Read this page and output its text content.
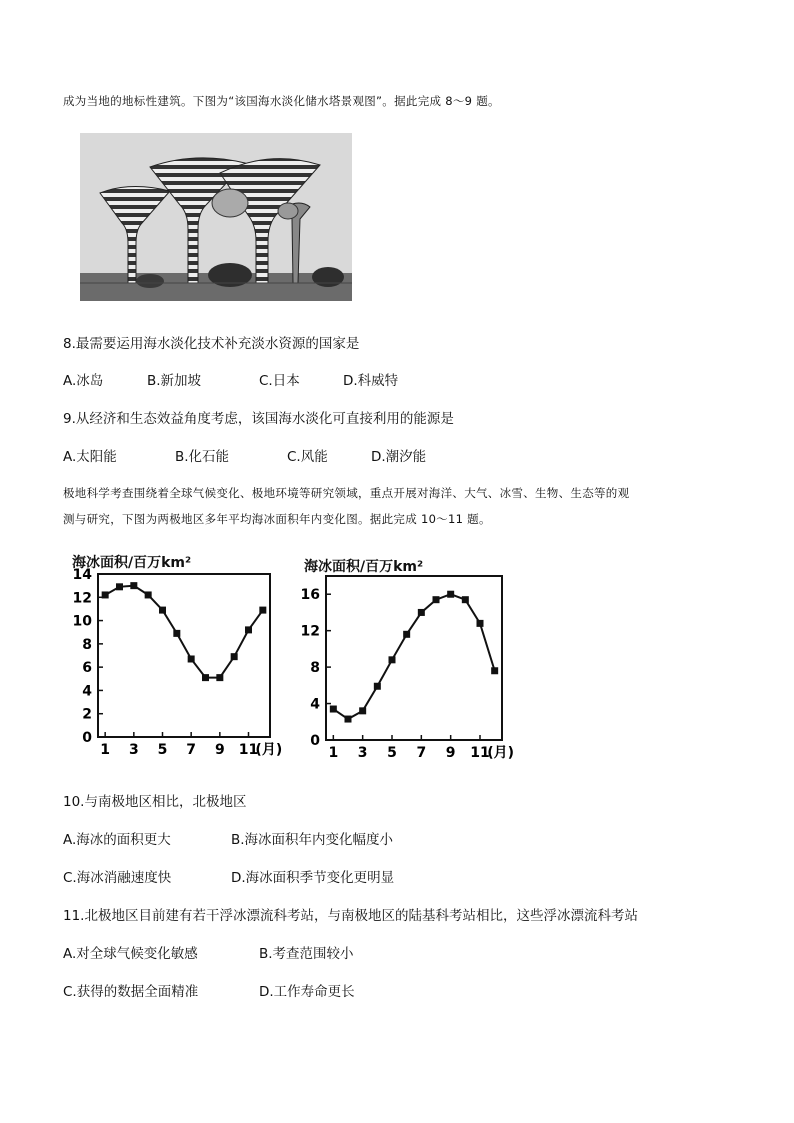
成为当地的地标性建筑。下图为“该国海水淡化储水塔景观图”。据此完成 8～9 题。
8.最需要运用海水淡化技术补充淡水资源的国家是
A.冰岛	B.新加坡	C.日本	D.科威特
9.从经济和生态效益角度考虑，该国海水淡化可直接利用的能源是
A.太阳能	B.化石能	C.风能	D.潮汐能
极地科学考查围绕着全球气候变化、极地环境等研究领域，重点开展对海洋、大气、冰雪、生物、生态等的观
测与研究，下图为两极地区多年平均海冰面积年内变化图。据此完成 10～11 题。
海冰面积/百万km²
0
2
4
6
8
10
12
14
1 3 5 7 9 11
(月)
海冰面积/百万km²
0
4
8
12
16
1 3 5 7 9 11
(月)
10.与南极地区相比，北极地区
A.海冰的面积更大	B.海冰面积年内变化幅度小
C.海冰消融速度快	D.海冰面积季节变化更明显
11.北极地区目前建有若干浮冰漂流科考站，与南极地区的陆基科考站相比，这些浮冰漂流科考站
A.对全球气候变化敏感	B.考查范围较小
C.获得的数据全面精准	D.工作寿命更长
